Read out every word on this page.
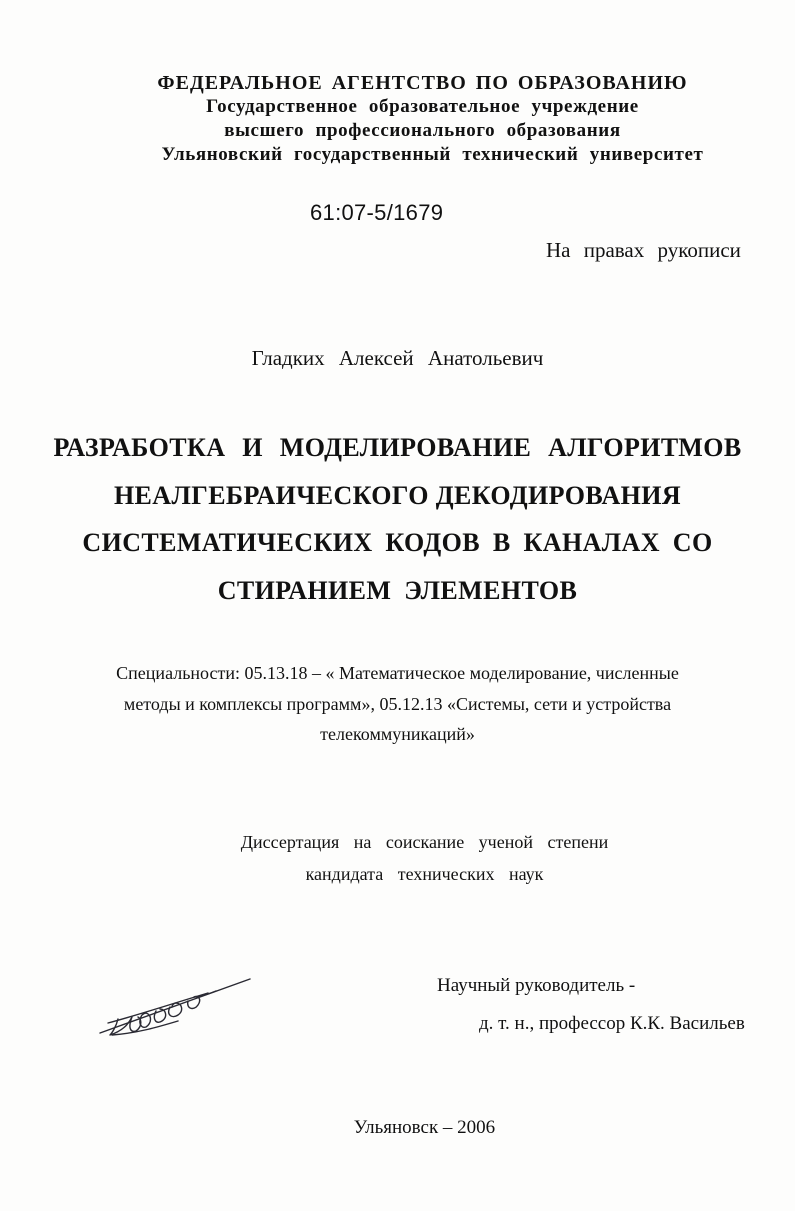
ФЕДЕРАЛЬНОЕ АГЕНТСТВО ПО ОБРАЗОВАНИЮ
Государственное образовательное учреждение
высшего профессионального образования
Ульяновский государственный технический университет
61:07-5/1679
На правах рукописи
Гладких Алексей Анатольевич
РАЗРАБОТКА И МОДЕЛИРОВАНИЕ АЛГОРИТМОВ
НЕАЛГЕБРАИЧЕСКОГО ДЕКОДИРОВАНИЯ
СИСТЕМАТИЧЕСКИХ КОДОВ В КАНАЛАХ СО
СТИРАНИЕМ ЭЛЕМЕНТОВ
Специальности: 05.13.18 – « Математическое моделирование, численные
методы и комплексы программ», 05.12.13 «Системы, сети и устройства
телекоммуникаций»
Диссертация на соискание ученой степени
кандидата технических наук
Научный руководитель -
д. т. н., профессор К.К. Васильев
Ульяновск – 2006
